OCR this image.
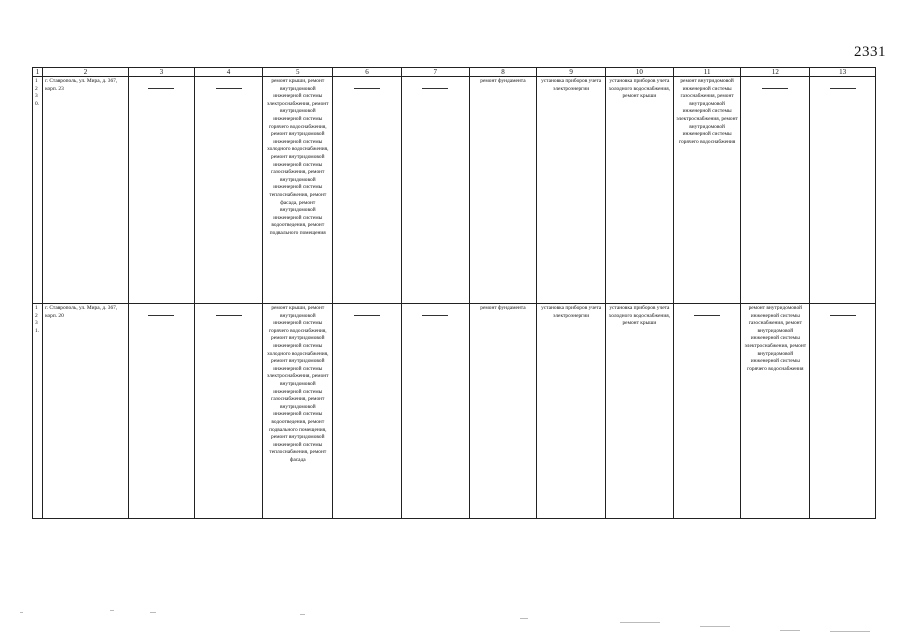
2331
1	2	3	4	5	6	7	8	9	10	11	12	13
1230.	г. Ставрополь, ул. Мира, д. 367, корп. 23			ремонт крыши, ремонт внутридомовой инженерной системы электроснабжения, ремонт внутридомовой инженерной системы горячего водоснабжения, ремонт внутридомовой инженерной системы холодного водоснабжения, ремонт внутридомовой инженерной системы газоснабжения, ремонт внутридомовой инженерной системы теплоснабжения, ремонт фасада, ремонт внутридомовой инженерной системы водоотведения, ремонт подвального помещения			ремонт фундамента	установка приборов учета электроэнергии	установка приборов учета холодного водоснабжения, ремонт крыши	ремонт внутридомовой инженерной системы газоснабжения, ремонт внутридомовой инженерной системы электроснабжения, ремонт внутридомовой инженерной системы горячего водоснабжения	

1231.	г. Ставрополь, ул. Мира, д. 367, корп. 20			ремонт крыши, ремонт внутридомовой инженерной системы горячего водоснабжения, ремонт внутридомовой инженерной системы холодного водоснабжения, ремонт внутридомовой инженерной системы электроснабжения, ремонт внутридомовой инженерной системы газоснабжения, ремонт внутридомовой инженерной системы водоотведения, ремонт подвального помещения, ремонт внутридомовой инженерной системы теплоснабжения, ремонт фасада			ремонт фундамента	установка приборов учета электроэнергии	установка приборов учета холодного водоснабжения, ремонт крыши		ремонт внутридомовой инженерной системы газоснабжения, ремонт внутридомовой инженерной системы электроснабжения, ремонт внутридомовой инженерной системы горячего водоснабжения	
